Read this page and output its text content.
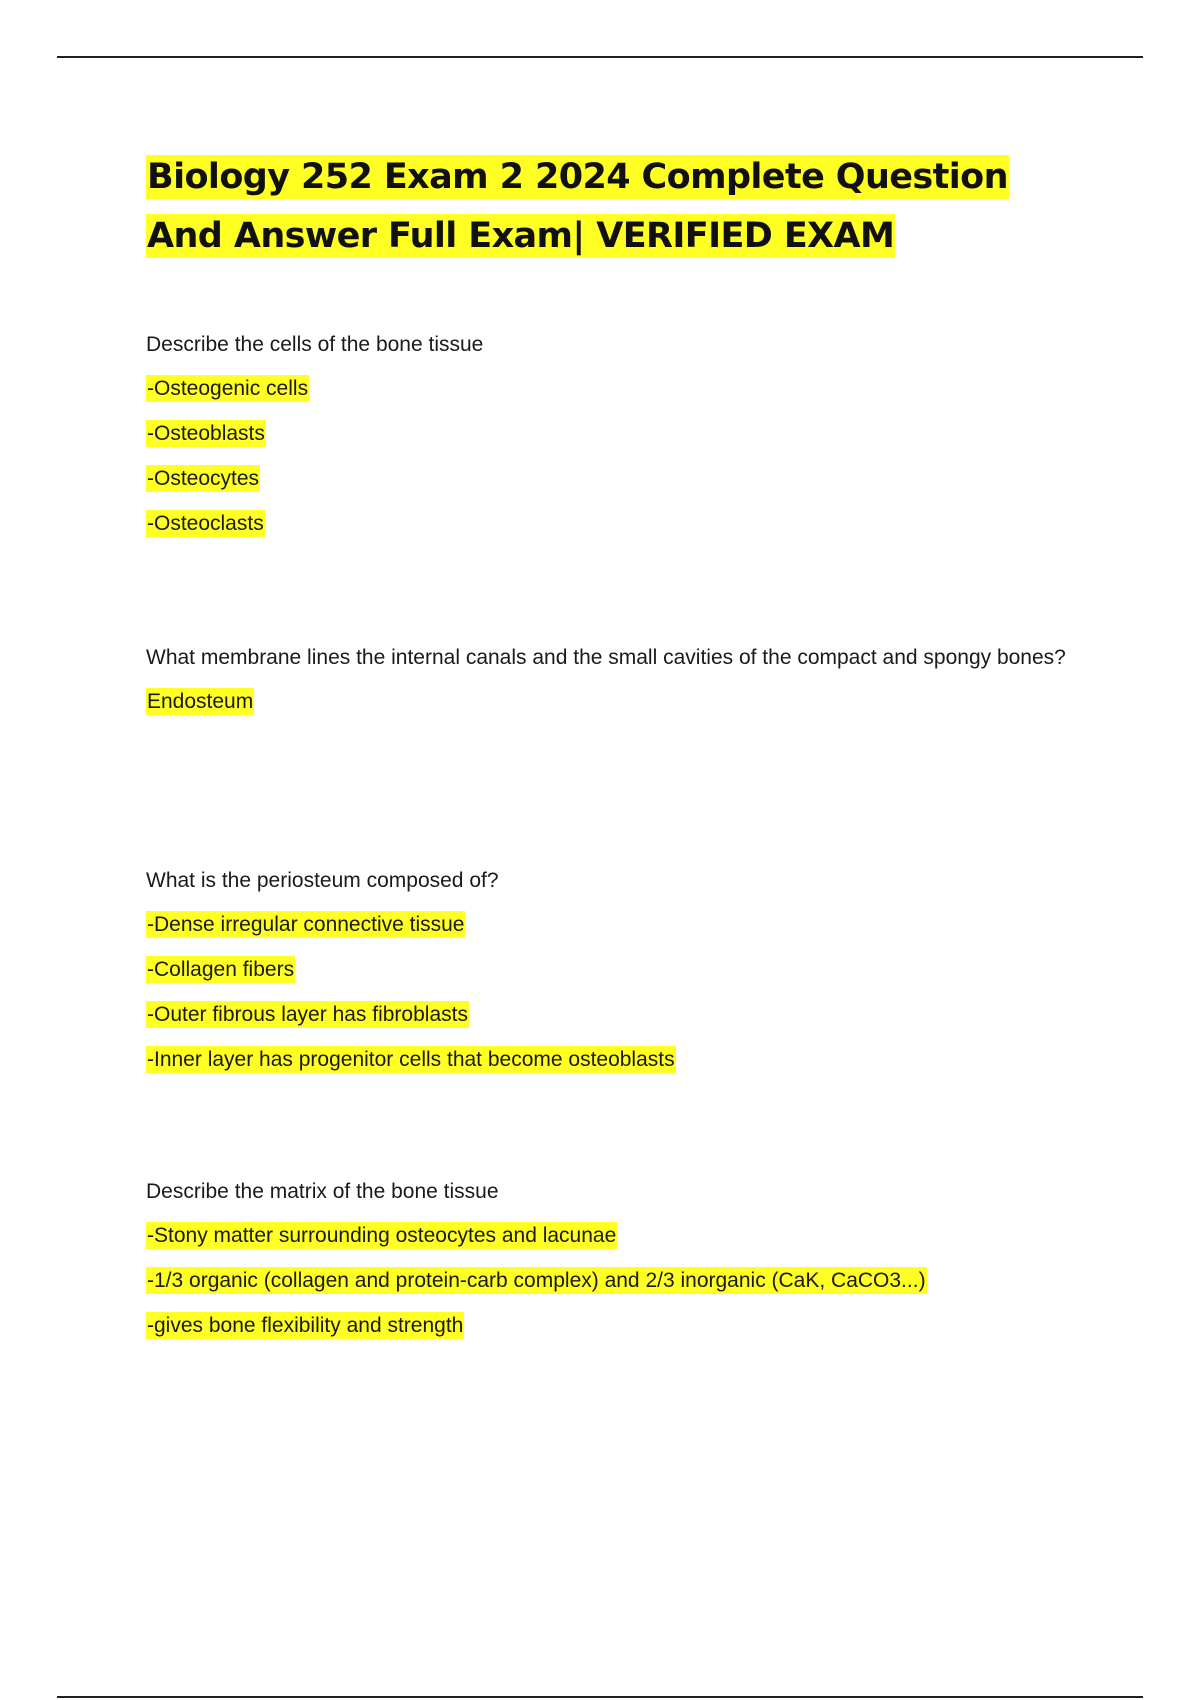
Biology 252 Exam 2 2024 Complete Question And Answer Full Exam| VERIFIED EXAM

Describe the cells of the bone tissue

-Osteogenic cells

-Osteoblasts

-Osteocytes

-Osteoclasts

What membrane lines the internal canals and the small cavities of the compact and spongy bones?

Endosteum

What is the periosteum composed of?

-Dense irregular connective tissue

-Collagen fibers

-Outer fibrous layer has fibroblasts

-Inner layer has progenitor cells that become osteoblasts

Describe the matrix of the bone tissue

-Stony matter surrounding osteocytes and lacunae

-1/3 organic (collagen and protein-carb complex) and 2/3 inorganic (CaK, CaCO3...)

-gives bone flexibility and strength
